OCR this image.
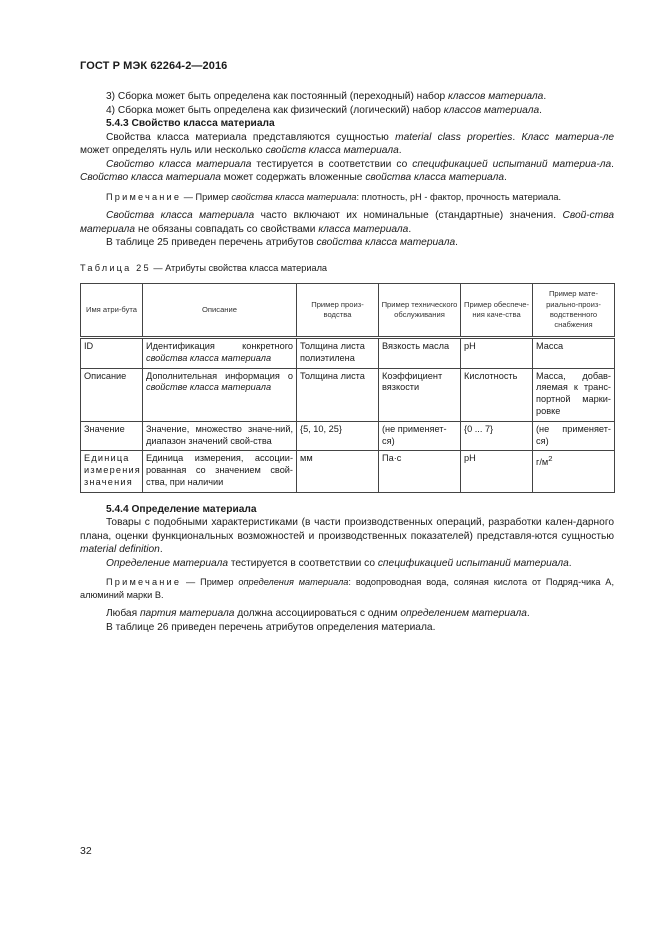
ГОСТ Р МЭК 62264-2—2016

3) Сборка может быть определена как постоянный (переходный) набор классов материала.

4) Сборка может быть определена как физический (логический) набор классов материала.

5.4.3 Свойство класса материала

Свойства класса материала представляются сущностью material class properties. Класс материа-ле может определять нуль или несколько свойств класса материала.

Свойство класса материала тестируется в соответствии со спецификацией испытаний материа-ла. Свойство класса материала может содержать вложенные свойства класса материала.

Примечание — Пример свойства класса материала: плотность, pH - фактор, прочность материала.

Свойства класса материала часто включают их номинальные (стандартные) значения. Свой-ства материала не обязаны совпадать со свойствами класса материала.

В таблице 25 приведен перечень атрибутов свойства класса материала.

Таблица 25 — Атрибуты свойства класса материала
Имя атри-бута	Описание	Пример произ-водства	Пример технического обслуживания	Пример обеспече-ния каче-ства	Пример мате-риально-произ-водственного снабжения
ID	Идентификация конкретного свойства класса материала	Толщина листа полиэтилена	Вязкость масла	pH	Масса
Описание	Дополнительная информация о свойстве класса материала	Толщина листа	Коэффициент вязкости	Кислотность	Масса, добав-ляемая к транс-портной марки-ровке
Значение	Значение, множество значе-ний, диапазон значений свой-ства	{5, 10, 25}	(не применяет-ся)	{0 ... 7}	(не применяет-ся)
Единица измерения значения	Единица измерения, ассоции-рованная со значением свой-ства, при наличии	мм	Па·с	pH	$г/м^2$

5.4.4 Определение материала

Товары с подобными характеристиками (в части производственных операций, разработки кален-дарного плана, оценки функциональных возможностей и производственных показателей) представля-ются сущностью material definition.

Определение материала тестируется в соответствии со спецификацией испытаний материала.

Примечание — Пример определения материала: водопроводная вода, соляная кислота от Подряд-чика А, алюминий марки В.

Любая партия материала должна ассоциироваться с одним определением материала.

В таблице 26 приведен перечень атрибутов определения материала.

32
